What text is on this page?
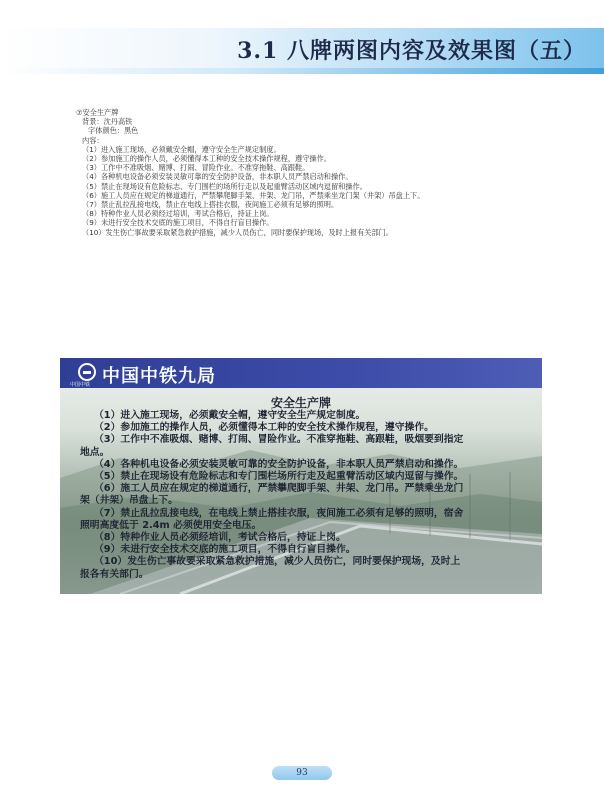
3.1 八牌两图内容及效果图（五）
⑦安全生产牌
背景：沈丹高铁
字体颜色：黑色
内容：
（1）进入施工现场，必须戴安全帽，遵守安全生产规定制度。
（2）参加施工的操作人员，必须懂得本工种的安全技术操作规程，遵守操作。
（3）工作中不准吸烟、赌博、打闹、冒险作业。不准穿拖鞋、高跟鞋。
（4）各种机电设备必须安装灵敏可靠的安全防护设备，非本职人员严禁启动和操作。
（5）禁止在现场设有危险标志、专门围栏的场所行走以及起重臂活动区域内逗留和操作。
（6）施工人员应在规定的梯道通行，严禁攀爬脚手架、井架、龙门吊，严禁乘坐龙门架（井架）吊盘上下。
（7）禁止乱拉乱接电线，禁止在电线上搭挂衣服，夜间施工必须有足够的照明。
（8）特种作业人员必须经过培训，考试合格后，持证上岗。
（9）未进行安全技术交底的施工项目，不得自行盲目操作。
（10）发生伤亡事故要采取紧急救护措施，减少人员伤亡，同时要保护现场，及时上报有关部门。
中国中铁 中国中铁九局
安全生产牌
（1）进入施工现场，必须戴安全帽，遵守安全生产规定制度。
（2）参加施工的操作人员，必须懂得本工种的安全技术操作规程，遵守操作。
（3）工作中不准吸烟、赌博、打闹、冒险作业。不准穿拖鞋、高跟鞋，吸烟要到指定
地点。
（4）各种机电设备必须安装灵敏可靠的安全防护设备，非本职人员严禁启动和操作。
（5）禁止在现场设有危险标志和专门围栏场所行走及起重臂活动区域内逗留与操作。
（6）施工人员应在规定的梯道通行，严禁攀爬脚手架、井架、龙门吊。严禁乘坐龙门
架（井架）吊盘上下。
（7）禁止乱拉乱接电线，在电线上禁止搭挂衣服，夜间施工必须有足够的照明，宿舍
照明高度低于 2.4m 必须使用安全电压。
（8）特种作业人员必须经培训，考试合格后，持证上岗。
（9）未进行安全技术交底的施工项目，不得自行盲目操作。
（10）发生伤亡事故要采取紧急救护措施，减少人员伤亡，同时要保护现场，及时上
报各有关部门。
93
